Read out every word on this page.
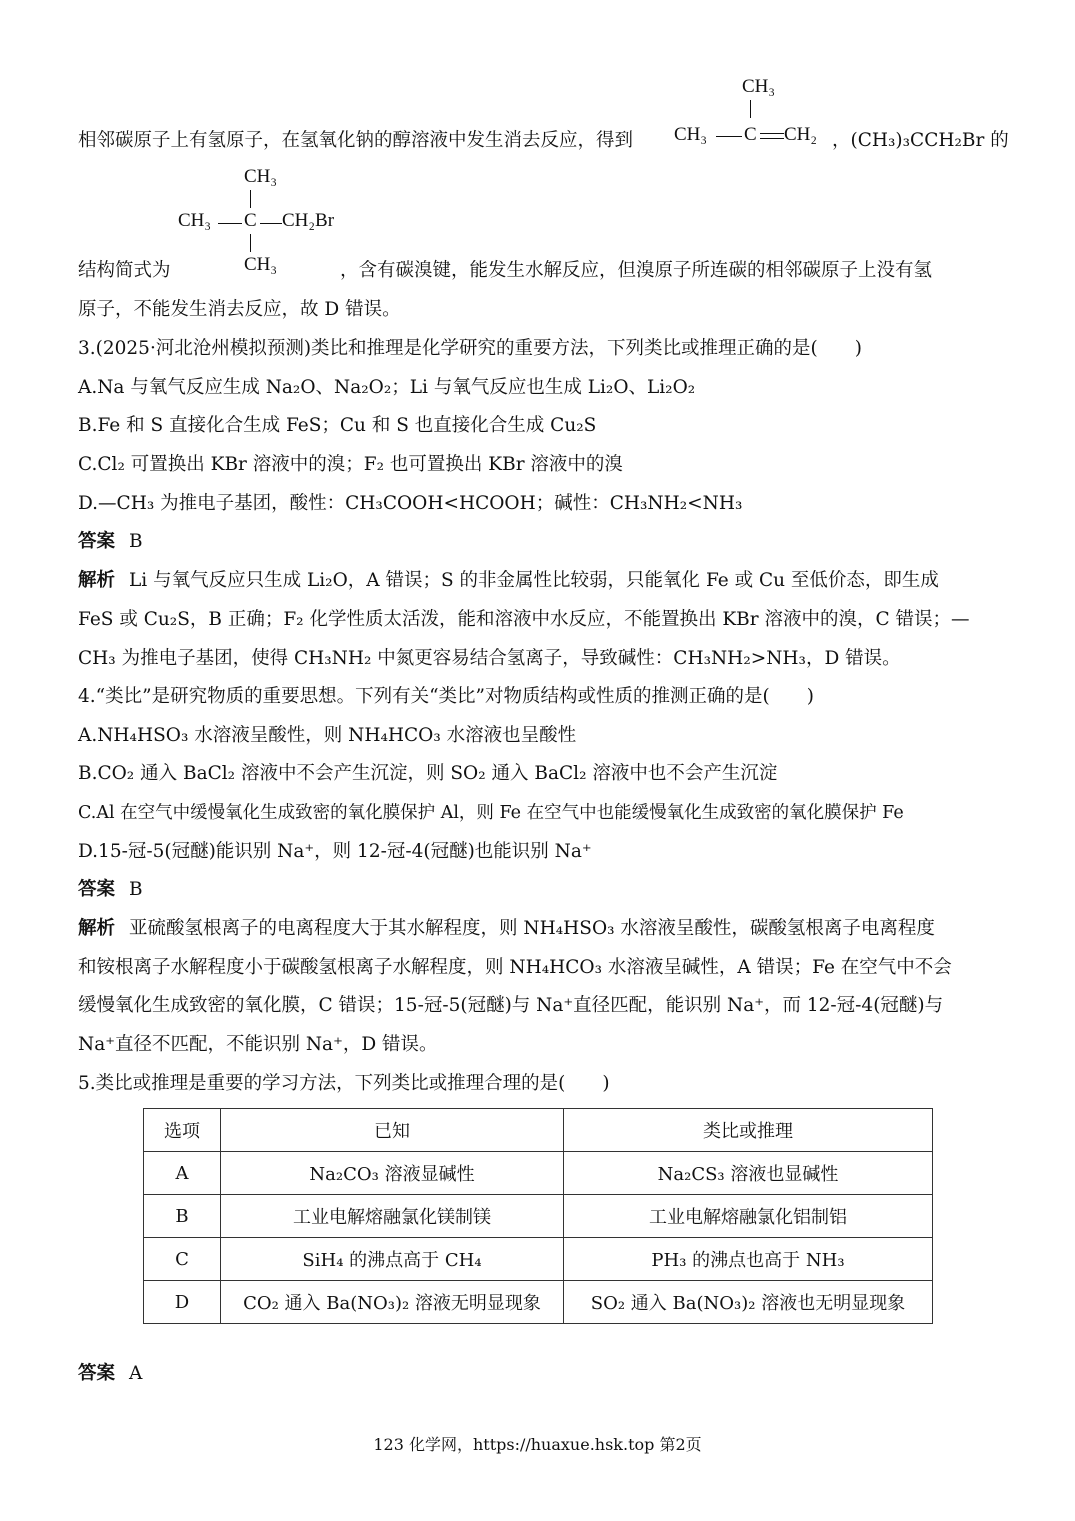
相邻碳原子上有氢原子，在氢氧化钠的醇溶液中发生消去反应，得到
CH₃
CH₃ C CH₂ ，(CH₃)₃CCH₂Br 的
CH₃
CH₃ C CH₂Br
CH₃
结构简式为	，含有碳溴键，能发生水解反应，但溴原子所连碳的相邻碳原子上没有氢
原子，不能发生消去反应，故 D 错误。
3.(2025·河北沧州模拟预测)类比和推理是化学研究的重要方法，下列类比或推理正确的是(　　)
A.Na 与氧气反应生成 Na₂O、Na₂O₂；Li 与氧气反应也生成 Li₂O、Li₂O₂
B.Fe 和 S 直接化合生成 FeS；Cu 和 S 也直接化合生成 Cu₂S
C.Cl₂ 可置换出 KBr 溶液中的溴；F₂ 也可置换出 KBr 溶液中的溴
D.—CH₃ 为推电子基团，酸性：CH₃COOH<HCOOH；碱性：CH₃NH₂<NH₃
答案 B
解析 Li 与氧气反应只生成 Li₂O，A 错误；S 的非金属性比较弱，只能氧化 Fe 或 Cu 至低价态，即生成
FeS 或 Cu₂S，B 正确；F₂ 化学性质太活泼，能和溶液中水反应，不能置换出 KBr 溶液中的溴，C 错误；—
CH₃ 为推电子基团，使得 CH₃NH₂ 中氮更容易结合氢离子，导致碱性：CH₃NH₂>NH₃，D 错误。
4.“类比”是研究物质的重要思想。下列有关“类比”对物质结构或性质的推测正确的是(　　)
A.NH₄HSO₃ 水溶液呈酸性，则 NH₄HCO₃ 水溶液也呈酸性
B.CO₂ 通入 BaCl₂ 溶液中不会产生沉淀，则 SO₂ 通入 BaCl₂ 溶液中也不会产生沉淀
C.Al 在空气中缓慢氧化生成致密的氧化膜保护 Al，则 Fe 在空气中也能缓慢氧化生成致密的氧化膜保护 Fe
D.15-冠-5(冠醚)能识别 Na⁺，则 12-冠-4(冠醚)也能识别 Na⁺
答案 B
解析 亚硫酸氢根离子的电离程度大于其水解程度，则 NH₄HSO₃ 水溶液呈酸性，碳酸氢根离子电离程度
和铵根离子水解程度小于碳酸氢根离子水解程度，则 NH₄HCO₃ 水溶液呈碱性，A 错误；Fe 在空气中不会
缓慢氧化生成致密的氧化膜，C 错误；15-冠-5(冠醚)与 Na⁺直径匹配，能识别 Na⁺，而 12-冠-4(冠醚)与
Na⁺直径不匹配，不能识别 Na⁺，D 错误。
5.类比或推理是重要的学习方法，下列类比或推理合理的是(　　)
选项	已知	类比或推理
A	Na₂CO₃ 溶液显碱性	Na₂CS₃ 溶液也显碱性
B	工业电解熔融氯化镁制镁	工业电解熔融氯化铝制铝
C	SiH₄ 的沸点高于 CH₄	PH₃ 的沸点也高于 NH₃
D	CO₂ 通入 Ba(NO₃)₂ 溶液无明显现象	SO₂ 通入 Ba(NO₃)₂ 溶液也无明显现象
答案 A
123 化学网，https://huaxue.hsk.top 第2页
